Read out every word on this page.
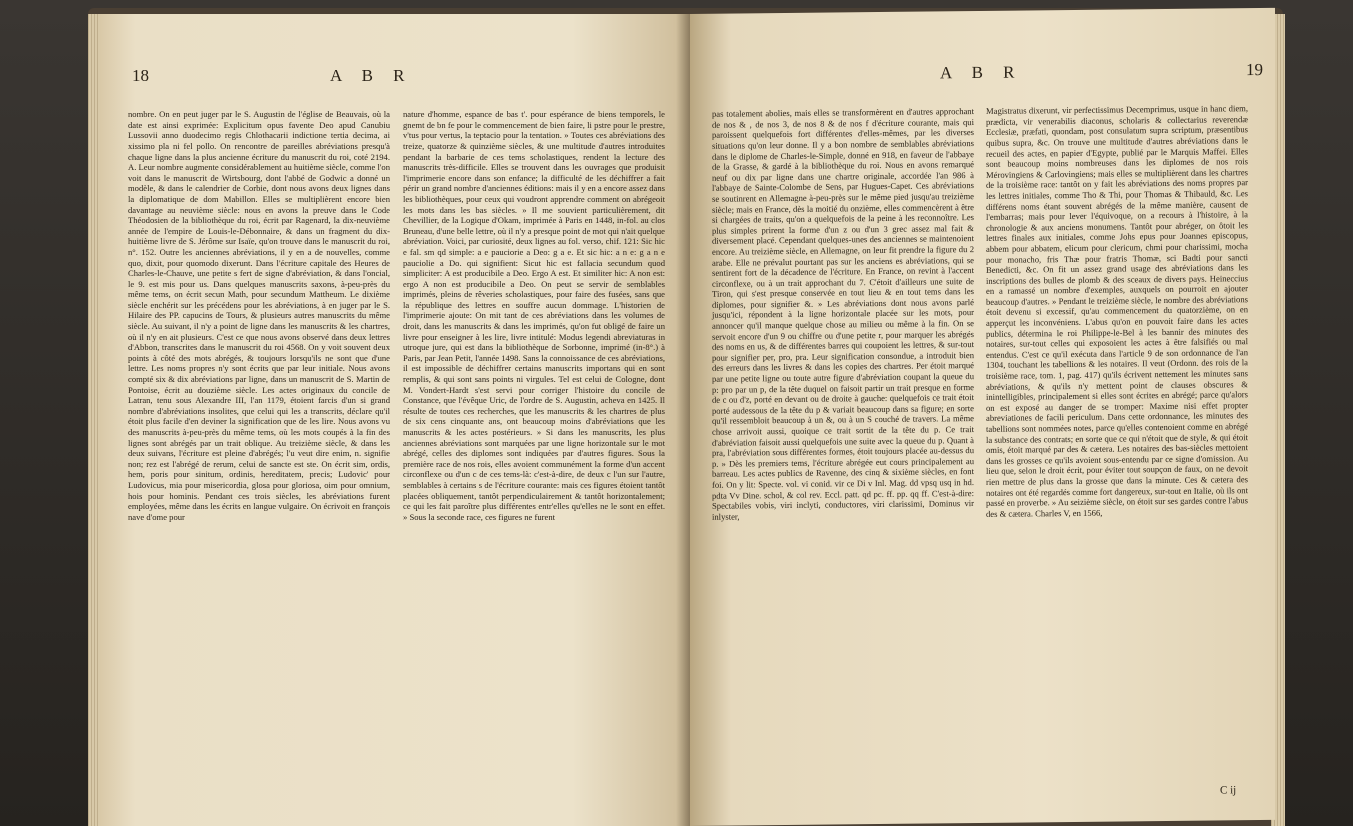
18	A B R

nombre. On en peut juger par le S. Augustin de l'église de Beauvais, où la date est ainsi exprimée: Explicitum opus favente Deo apud Canubiu Lussovii anno duodecimo regis Chlothacarii indictione tertia decima, ai xissimo pla ni fel pollo. On rencontre de pareilles abréviations presqu'à chaque ligne dans la plus ancienne écriture du manuscrit du roi, coté 2194. A. Leur nombre augmente considérablement au huitième siècle, comme l'on voit dans le manuscrit de Wirtsbourg, dont l'abbé de Godwic a donné un modèle, & dans le calendrier de Corbie, dont nous avons deux lignes dans la diplomatique de dom Mabillon. Elles se multiplièrent encore bien davantage au neuvième siècle: nous en avons la preuve dans le Code Théodosien de la bibliothèque du roi, écrit par Ragenard, la dix-neuvième année de l'empire de Louis-le-Débonnaire, & dans un fragment du dix-huitième livre de S. Jérôme sur Isaïe, qu'on trouve dans le manuscrit du roi, n°. 152. Outre les anciennes abréviations, il y en a de nouvelles, comme quo, dixit, pour quomodo dixerunt. Dans l'écriture capitale des Heures de Charles-le-Chauve, une petite s fert de signe d'abréviation, & dans l'oncial, le 9. est mis pour us. Dans quelques manuscrits saxons, à-peu-près du même tems, on écrit secun Math, pour secundum Mattheum. Le dixième siècle enchérit sur les précédens pour les abréviations, à en juger par le S. Hilaire des PP. capucins de Tours, & plusieurs autres manuscrits du même siècle. Au suivant, il n'y a point de ligne dans les manuscrits & les chartres, où il n'y en ait plusieurs. C'est ce que nous avons observé dans deux lettres d'Abbon, transcrites dans le manuscrit du roi 4568. On y voit souvent deux points à côté des mots abrégés, & toujours lorsqu'ils ne sont que d'une lettre. Les noms propres n'y sont écrits que par leur initiale. Nous avons compté six & dix abréviations par ligne, dans un manuscrit de S. Martin de Pontoise, écrit au douzième siècle. Les actes originaux du concile de Latran, tenu sous Alexandre III, l'an 1179, étoient farcis d'un si grand nombre d'abréviations insolites, que celui qui les a transcrits, déclare qu'il étoit plus facile d'en deviner la signification que de les lire. Nous avons vu des manuscrits à-peu-près du même tems, où les mots coupés à la fin des lignes sont abrégés par un trait oblique. Au treizième siècle, & dans les deux suivans, l'écriture est pleine d'abrégés; l'u veut dire enim, n. signifie non; rez est l'abrégé de rerum, celui de sancte est ste. On écrit sim, ordis, hem, poris pour sinitum, ordinis, hereditatem, precis; Ludovic' pour Ludovicus, mia pour misericordia, glosa pour gloriosa, oim pour omnium, hois pour hominis. Pendant ces trois siècles, les abréviations furent employées, même dans les écrits en langue vulgaire. On écrivoit en françois nave d'ome pour

nature d'homme, espance de bas t'. pour espérance de biens temporels, le gnemt de bn fe pour le commencement de bien faire, li pstre pour le prestre, v'tus pour vertus, la teptacio pour la tentation. » Toutes ces abréviations des treize, quatorze & quinzième siècles, & une multitude d'autres introduites pendant la barbarie de ces tems scholastiques, rendent la lecture des manuscrits très-difficile. Elles se trouvent dans les ouvrages que produisit l'imprimerie encore dans son enfance; la difficulté de les déchiffrer a fait périr un grand nombre d'anciennes éditions: mais il y en a encore assez dans les bibliothèques, pour ceux qui voudront apprendre comment on abrégeoit les mots dans les bas siècles. » Il me souvient particulièrement, dit Chevillier, de la Logique d'Okam, imprimée à Paris en 1448, in-fol. au clos Bruneau, d'une belle lettre, où il n'y a presque point de mot qui n'ait quelque abréviation. Voici, par curiosité, deux lignes au fol. verso, chif. 121: Sic hic e fal. sm qd simple: a e pauciorie a Deo: g a e. Et sic hic: a n e: g a n e pauciolie a Do. qui signifient: Sicut hic est fallacia secundum quod simpliciter: A est producibile a Deo. Ergo A est. Et similiter hic: A non est: ergo A non est producibile a Deo. On peut se servir de semblables imprimés, pleins de rêveries scholastiques, pour faire des fusées, sans que la république des lettres en souffre aucun dommage. L'historien de l'imprimerie ajoute: On mit tant de ces abréviations dans les volumes de droit, dans les manuscrits & dans les imprimés, qu'on fut obligé de faire un livre pour enseigner à les lire, livre intitulé: Modus legendi abreviaturas in utroque jure, qui est dans la bibliothèque de Sorbonne, imprimé (in-8°.) à Paris, par Jean Petit, l'année 1498. Sans la connoissance de ces abréviations, il est impossible de déchiffrer certains manuscrits importans qui en sont remplis, & qui sont sans points ni virgules. Tel est celui de Cologne, dont M. Vondert-Hardt s'est servi pour corriger l'histoire du concile de Constance, que l'évêque Uric, de l'ordre de S. Augustin, acheva en 1425. Il résulte de toutes ces recherches, que les manuscrits & les chartres de plus de six cens cinquante ans, ont beaucoup moins d'abréviations que les manuscrits & les actes postérieurs. » Si dans les manuscrits, les plus anciennes abréviations sont marquées par une ligne horizontale sur le mot abrégé, celles des diplomes sont indiquées par d'autres figures. Sous la première race de nos rois, elles avoient communément la forme d'un accent circonflexe ou d'un c de ces tems-là: c'est-à-dire, de deux c l'un sur l'autre, semblables à certains s de l'écriture courante: mais ces figures étoient tantôt placées obliquement, tantôt perpendiculairement & tantôt horizontalement; ce qui les fait paroître plus différentes entr'elles qu'elles ne le sont en effet. » Sous la seconde race, ces figures ne furent

A B R	19

pas totalement abolies, mais elles se transformèrent en d'autres approchant de nos & , de nos 3, de nos 8 & de nos f d'écriture courante, mais qui paroissent quelquefois fort différentes d'elles-mêmes, par les diverses situations qu'on leur donne. Il y a bon nombre de semblables abréviations dans le diplome de Charles-le-Simple, donné en 918, en faveur de l'abbaye de la Grasse, & gardé à la bibliothèque du roi. Nous en avons remarqué neuf ou dix par ligne dans une chartre originale, accordée l'an 986 à l'abbaye de Sainte-Colombe de Sens, par Hugues-Capet. Ces abréviations se soutinrent en Allemagne à-peu-près sur le même pied jusqu'au treizième siècle; mais en France, dès la moitié du onzième, elles commencèrent à être si chargées de traits, qu'on a quelquefois de la peine à les reconnoître. Les plus simples prirent la forme d'un z ou d'un 3 grec assez mal fait & diversement placé. Cependant quelques-unes des anciennes se maintenoient encore. Au treizième siècle, en Allemagne, on leur fit prendre la figure du 2 arabe. Elle ne prévalut pourtant pas sur les anciens es abréviations, qui se sentirent fort de la décadence de l'écriture. En France, on revint à l'accent circonflexe, ou à un trait approchant du 7. C'étoit d'ailleurs une suite de Tiron, qui s'est presque conservée en tout lieu & en tout tems dans les diplomes, pour signifier &. » Les abréviations dont nous avons parlé jusqu'ici, répondent à la ligne horizontale placée sur les mots, pour annoncer qu'il manque quelque chose au milieu ou même à la fin. On se servoit encore d'un 9 ou chiffre ou d'une petite r, pour marquer les abrégés des noms en us, & de différentes barres qui coupoient les lettres, & sur-tout pour signifier per, pro, pra. Leur signification consondue, a introduit bien des erreurs dans les livres & dans les copies des chartres. Per étoit marqué par une petite ligne ou toute autre figure d'abréviation coupant la queue du p: pro par un p, de la tête duquel on faisoit partir un trait presque en forme de c ou d'z, porté en devant ou de droite à gauche: quelquefois ce trait étoit porté audessous de la tête du p & variait beaucoup dans sa figure; en sorte qu'il ressembloit beaucoup à un &, ou à un S couché de travers. La même chose arrivoit aussi, quoique ce trait sortit de la tête du p. Ce trait d'abréviation faisoit aussi quelquefois une suite avec la queue du p. Quant à pra, l'abréviation sous différentes formes, étoit toujours placée au-dessus du p. » Dès les premiers tems, l'écriture abrégée eut cours principalement au barreau. Les actes publics de Ravenne, des cinq & sixième siècles, en font foi. On y lit: Specte. vol. vi conid. vir ce Di v Inl. Mag. dd vpsq usq in hd. pdta Vv Dine. schol, & col rev. Eccl. patt. qd pc. ff. pp. qq ff. C'est-à-dire: Spectabiles vobis, viri inclyti, conductores, viri clarissimi, Dominus vir inlyster,

Magistratus dixerunt, vir perfectissimus Decemprimus, usque in hanc diem, prædicta, vir venerabilis diaconus, scholaris & collectarius reverendæ Ecclesiæ, præfati, quondam, post consulatum supra scriptum, præsentibus quibus supra, &c. On trouve une multitude d'autres abréviations dans le recueil des actes, en papier d'Egypte, publié par le Marquis Maffei. Elles sont beaucoup moins nombreuses dans les diplomes de nos rois Mérovingiens & Carlovingiens; mais elles se multiplièrent dans les chartres de la troisième race: tantôt on y fait les abréviations des noms propres par les lettres initiales, comme Tho & Thi, pour Thomas & Thibauld, &c. Les différens noms étant souvent abrégés de la même manière, causent de l'embarras; mais pour lever l'équivoque, on a recours à l'histoire, à la chronologie & aux anciens monumens. Tantôt pour abréger, on ôtoit les lettres finales aux initiales, comme Johs epus pour Joannes episcopus, abbem pour abbatem, elicum pour clericum, chmi pour charissimi, mocha pour monacho, fris Thæ pour fratris Thomæ, sci Badti pour sancti Benedicti, &c. On fit un assez grand usage des abréviations dans les inscriptions des bulles de plomb & des sceaux de divers pays. Heineccius en a ramassé un nombre d'exemples, auxquels on pourroit en ajouter beaucoup d'autres. » Pendant le treizième siècle, le nombre des abréviations étoit devenu si excessif, qu'au commencement du quatorzième, on en apperçut les inconvéniens. L'abus qu'on en pouvoit faire dans les actes publics, détermina le roi Philippe-le-Bel à les bannir des minutes des notaires, sur-tout celles qui exposoient les actes à être falsifiés ou mal entendus. C'est ce qu'il exécuta dans l'article 9 de son ordonnance de l'an 1304, touchant les tabellions & les notaires. Il veut (Ordonn. des rois de la troisième race, tom. 1, pag. 417) qu'ils écrivent nettement les minutes sans abréviations, & qu'ils n'y mettent point de clauses obscures & inintelligibles, principalement si elles sont écrites en abrégé; parce qu'alors on est exposé au danger de se tromper: Maxime nisi effet propter abreviationes de facili periculum. Dans cette ordonnance, les minutes des tabellions sont nommées notes, parce qu'elles contenoient comme en abrégé la substance des contrats; en sorte que ce qui n'étoit que de style, & qui étoit omis, étoit marqué par des & cætera. Les notaires des bas-siècles mettoient dans les grosses ce qu'ils avoient sous-entendu par ce signe d'omission. Au lieu que, selon le droit écrit, pour éviter tout soupçon de faux, on ne devoit rien mettre de plus dans la grosse que dans la minute. Ces & cætera des notaires ont été regardés comme fort dangereux, sur-tout en Italie, où ils ont passé en proverbe. » Au seizième siècle, on étoit sur ses gardes contre l'abus des & cætera. Charles V, en 1566,

C ij
